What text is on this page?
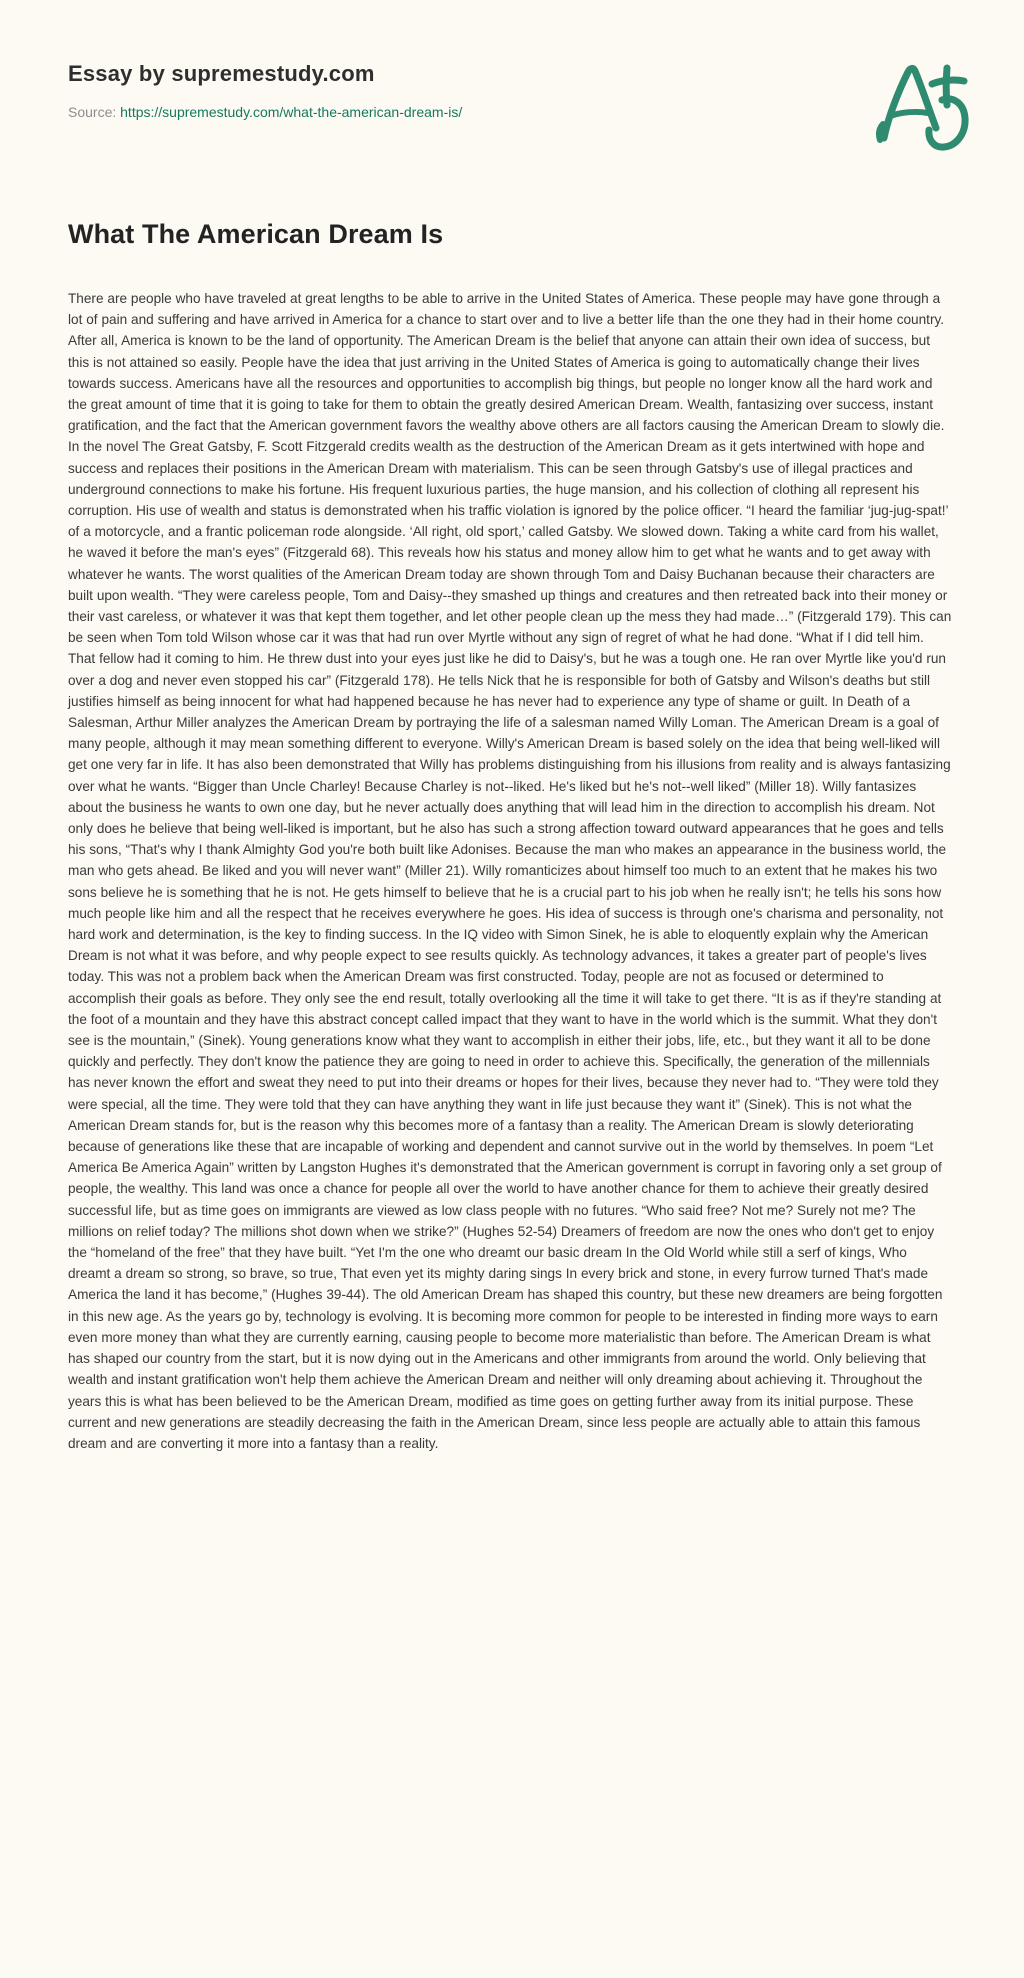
Essay by supremestudy.com

Source: https://supremestudy.com/what-the-american-dream-is/

What The American Dream Is

There are people who have traveled at great lengths to be able to arrive in the United States of America. These people may have gone through a lot of pain and suffering and have arrived in America for a chance to start over and to live a better life than the one they had in their home country. After all, America is known to be the land of opportunity. The American Dream is the belief that anyone can attain their own idea of success, but this is not attained so easily. People have the idea that just arriving in the United States of America is going to automatically change their lives towards success. Americans have all the resources and opportunities to accomplish big things, but people no longer know all the hard work and the great amount of time that it is going to take for them to obtain the greatly desired American Dream. Wealth, fantasizing over success, instant gratification, and the fact that the American government favors the wealthy above others are all factors causing the American Dream to slowly die. In the novel The Great Gatsby, F. Scott Fitzgerald credits wealth as the destruction of the American Dream as it gets intertwined with hope and success and replaces their positions in the American Dream with materialism. This can be seen through Gatsby's use of illegal practices and underground connections to make his fortune. His frequent luxurious parties, the huge mansion, and his collection of clothing all represent his corruption. His use of wealth and status is demonstrated when his traffic violation is ignored by the police officer. “I heard the familiar ‘jug-jug-spat!’ of a motorcycle, and a frantic policeman rode alongside. ‘All right, old sport,’ called Gatsby. We slowed down. Taking a white card from his wallet, he waved it before the man's eyes” (Fitzgerald 68). This reveals how his status and money allow him to get what he wants and to get away with whatever he wants. The worst qualities of the American Dream today are shown through Tom and Daisy Buchanan because their characters are built upon wealth. “They were careless people, Tom and Daisy--they smashed up things and creatures and then retreated back into their money or their vast careless, or whatever it was that kept them together, and let other people clean up the mess they had made…” (Fitzgerald 179). This can be seen when Tom told Wilson whose car it was that had run over Myrtle without any sign of regret of what he had done. “What if I did tell him. That fellow had it coming to him. He threw dust into your eyes just like he did to Daisy's, but he was a tough one. He ran over Myrtle like you'd run over a dog and never even stopped his car” (Fitzgerald 178). He tells Nick that he is responsible for both of Gatsby and Wilson's deaths but still justifies himself as being innocent for what had happened because he has never had to experience any type of shame or guilt. In Death of a Salesman, Arthur Miller analyzes the American Dream by portraying the life of a salesman named Willy Loman. The American Dream is a goal of many people, although it may mean something different to everyone. Willy's American Dream is based solely on the idea that being well-liked will get one very far in life. It has also been demonstrated that Willy has problems distinguishing from his illusions from reality and is always fantasizing over what he wants. “Bigger than Uncle Charley! Because Charley is not--liked. He's liked but he's not--well liked” (Miller 18). Willy fantasizes about the business he wants to own one day, but he never actually does anything that will lead him in the direction to accomplish his dream. Not only does he believe that being well-liked is important, but he also has such a strong affection toward outward appearances that he goes and tells his sons, “That's why I thank Almighty God you're both built like Adonises. Because the man who makes an appearance in the business world, the man who gets ahead. Be liked and you will never want” (Miller 21). Willy romanticizes about himself too much to an extent that he makes his two sons believe he is something that he is not. He gets himself to believe that he is a crucial part to his job when he really isn't; he tells his sons how much people like him and all the respect that he receives everywhere he goes. His idea of success is through one's charisma and personality, not hard work and determination, is the key to finding success. In the IQ video with Simon Sinek, he is able to eloquently explain why the American Dream is not what it was before, and why people expect to see results quickly. As technology advances, it takes a greater part of people's lives today. This was not a problem back when the American Dream was first constructed. Today, people are not as focused or determined to accomplish their goals as before. They only see the end result, totally overlooking all the time it will take to get there. “It is as if they're standing at the foot of a mountain and they have this abstract concept called impact that they want to have in the world which is the summit. What they don't see is the mountain,” (Sinek). Young generations know what they want to accomplish in either their jobs, life, etc., but they want it all to be done quickly and perfectly. They don't know the patience they are going to need in order to achieve this. Specifically, the generation of the millennials has never known the effort and sweat they need to put into their dreams or hopes for their lives, because they never had to. “They were told they were special, all the time. They were told that they can have anything they want in life just because they want it” (Sinek). This is not what the American Dream stands for, but is the reason why this becomes more of a fantasy than a reality. The American Dream is slowly deteriorating because of generations like these that are incapable of working and dependent and cannot survive out in the world by themselves. In poem “Let America Be America Again” written by Langston Hughes it's demonstrated that the American government is corrupt in favoring only a set group of people, the wealthy. This land was once a chance for people all over the world to have another chance for them to achieve their greatly desired successful life, but as time goes on immigrants are viewed as low class people with no futures. “Who said free? Not me? Surely not me? The millions on relief today? The millions shot down when we strike?” (Hughes 52-54) Dreamers of freedom are now the ones who don't get to enjoy the “homeland of the free” that they have built. “Yet I'm the one who dreamt our basic dream In the Old World while still a serf of kings, Who dreamt a dream so strong, so brave, so true, That even yet its mighty daring sings In every brick and stone, in every furrow turned That's made America the land it has become,” (Hughes 39-44). The old American Dream has shaped this country, but these new dreamers are being forgotten in this new age. As the years go by, technology is evolving. It is becoming more common for people to be interested in finding more ways to earn even more money than what they are currently earning, causing people to become more materialistic than before. The American Dream is what has shaped our country from the start, but it is now dying out in the Americans and other immigrants from around the world. Only believing that wealth and instant gratification won't help them achieve the American Dream and neither will only dreaming about achieving it. Throughout the years this is what has been believed to be the American Dream, modified as time goes on getting further away from its initial purpose. These current and new generations are steadily decreasing the faith in the American Dream, since less people are actually able to attain this famous dream and are converting it more into a fantasy than a reality.
